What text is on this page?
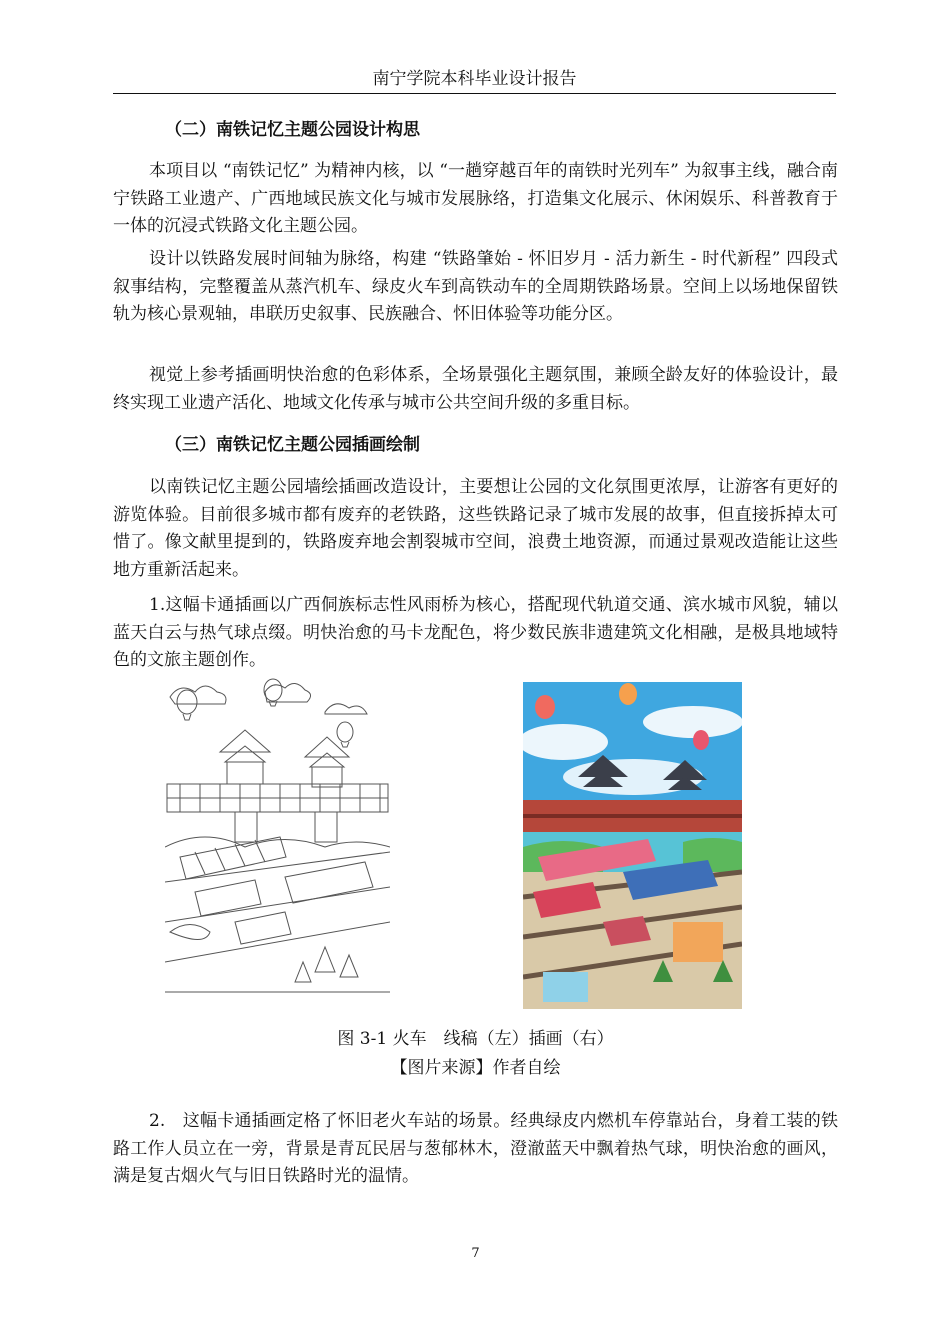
南宁学院本科毕业设计报告
（二）南铁记忆主题公园设计构思

本项目以 “南铁记忆” 为精神内核，以 “一趟穿越百年的南铁时光列车” 为叙事主线，融合南宁铁路工业遗产、广西地域民族文化与城市发展脉络，打造集文化展示、休闲娱乐、科普教育于一体的沉浸式铁路文化主题公园。

设计以铁路发展时间轴为脉络，构建 “铁路肇始 - 怀旧岁月 - 活力新生 - 时代新程” 四段式叙事结构，完整覆盖从蒸汽机车、绿皮火车到高铁动车的全周期铁路场景。空间上以场地保留铁轨为核心景观轴，串联历史叙事、民族融合、怀旧体验等功能分区。

视觉上参考插画明快治愈的色彩体系，全场景强化主题氛围，兼顾全龄友好的体验设计，最终实现工业遗产活化、地域文化传承与城市公共空间升级的多重目标。

（三）南铁记忆主题公园插画绘制

以南铁记忆主题公园墙绘插画改造设计，主要想让公园的文化氛围更浓厚，让游客有更好的游览体验。目前很多城市都有废弃的老铁路，这些铁路记录了城市发展的故事，但直接拆掉太可惜了。像文献里提到的，铁路废弃地会割裂城市空间，浪费土地资源，而通过景观改造能让这些地方重新活起来。

1.这幅卡通插画以广西侗族标志性风雨桥为核心，搭配现代轨道交通、滨水城市风貌，辅以蓝天白云与热气球点缀。明快治愈的马卡龙配色，将少数民族非遗建筑文化相融，是极具地域特色的文旅主题创作。

图 3-1 火车　线稿（左）插画（右）
【图片来源】作者自绘

2.　这幅卡通插画定格了怀旧老火车站的场景。经典绿皮内燃机车停靠站台，身着工装的铁路工作人员立在一旁，背景是青瓦民居与葱郁林木，澄澈蓝天中飘着热气球，明快治愈的画风，满是复古烟火气与旧日铁路时光的温情。

7
